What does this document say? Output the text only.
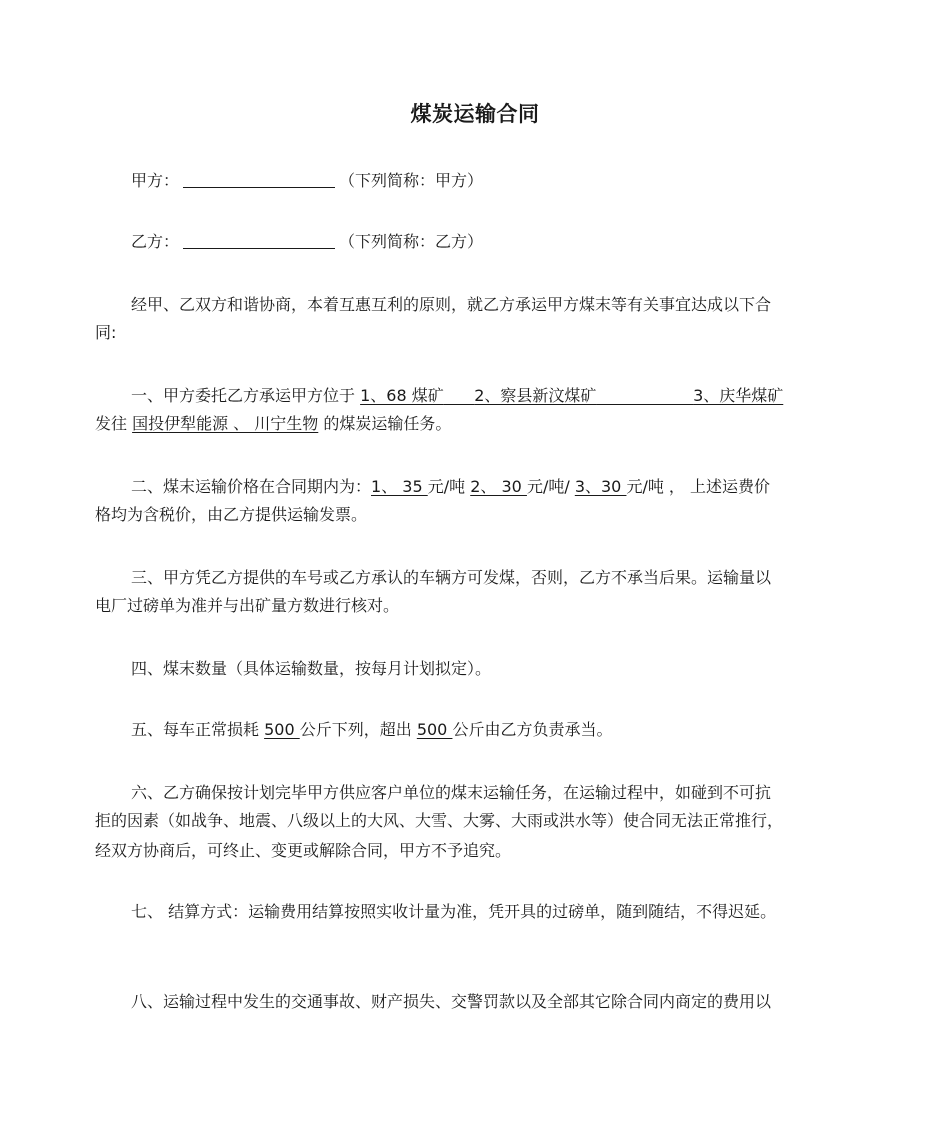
煤炭运输合同
甲方：	（下列简称：甲方）
乙方：	（下列简称：乙方）
经甲、乙双方和谐协商，本着互惠互利的原则，就乙方承运甲方煤末等有关事宜达成以下合
同:
一、甲方委托乙方承运甲方位于 1、68 煤矿 2、察县新汶煤矿	3、庆华煤矿
发往 国投伊犁能源 、 川宁生物 的煤炭运输任务。
二、煤末运输价格在合同期内为：1、 35 元/吨 2、 30 元/吨/ 3、30 元/吨 ， 上述运费价
格均为含税价，由乙方提供运输发票。
三、甲方凭乙方提供的车号或乙方承认的车辆方可发煤，否则，乙方不承当后果。运输量以
电厂过磅单为准并与出矿量方数进行核对。
四、煤末数量（具体运输数量，按每月计划拟定）。
五、每车正常损耗 500 公斤下列，超出 500 公斤由乙方负责承当。
六、乙方确保按计划完毕甲方供应客户单位的煤末运输任务，在运输过程中，如碰到不可抗
拒的因素（如战争、地震、八级以上的大风、大雪、大雾、大雨或洪水等）使合同无法正常推行，
经双方协商后，可终止、变更或解除合同，甲方不予追究。
七、 结算方式：运输费用结算按照实收计量为准，凭开具的过磅单，随到随结，不得迟延。
八、运输过程中发生的交通事故、财产损失、交警罚款以及全部其它除合同内商定的费用以
